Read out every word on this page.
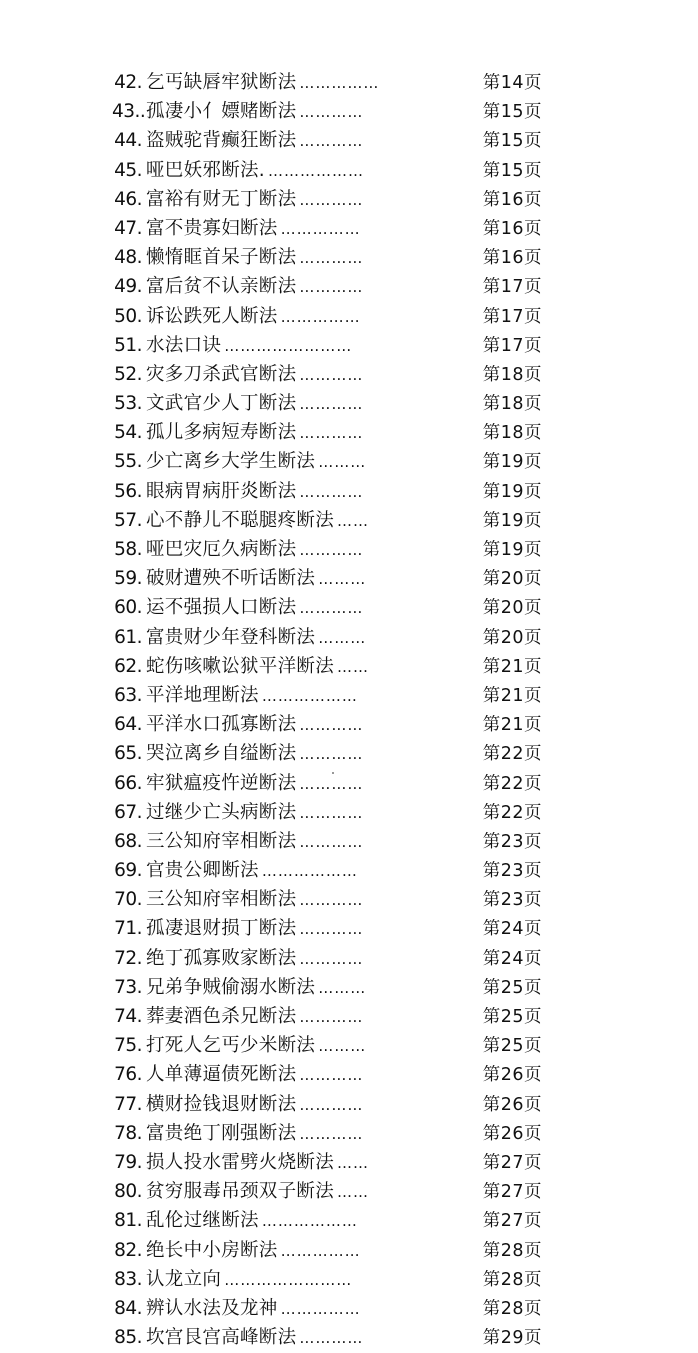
42. 乞丐缺唇牢狱断法 ……………	第14页
43.. 孤凄小亻嫖赌断法 …………	第15页
44. 盗贼驼背癫狂断法 …………	第15页
45. 哑巴妖邪断法. ………………	第15页
46. 富裕有财无丁断法 …………	第16页
47. 富不贵寡妇断法 ……………	第16页
48. 懒惰眶首呆子断法 …………	第16页
49. 富后贫不认亲断法 …………	第17页
50. 诉讼跌死人断法 ……………	第17页
51. 水法口诀 ……………………	第17页
52. 灾多刀杀武官断法 …………	第18页
53. 文武官少人丁断法 …………	第18页
54. 孤儿多病短寿断法 …………	第18页
55. 少亡离乡大学生断法 ………	第19页
56. 眼病胃病肝炎断法 …………	第19页
57. 心不静儿不聪腿疼断法 ……	第19页
58. 哑巴灾厄久病断法 …………	第19页
59. 破财遭殃不听话断法 ………	第20页
60. 运不强损人口断法 …………	第20页
61. 富贵财少年登科断法 ………	第20页
62. 蛇伤咳嗽讼狱平洋断法 ……	第21页
63. 平洋地理断法 ………………	第21页
64. 平洋水口孤寡断法 …………	第21页
65. 哭泣离乡自缢断法 …………	第22页
66. 牢狱瘟疫忤逆断法 …………	第22页
67. 过继少亡头病断法 …………	第22页
68. 三公知府宰相断法 …………	第23页
69. 官贵公卿断法 ………………	第23页
70. 三公知府宰相断法 …………	第23页
71. 孤凄退财损丁断法 …………	第24页
72. 绝丁孤寡败家断法 …………	第24页
73. 兄弟争贼偷溺水断法 ………	第25页
74. 葬妻酒色杀兄断法 …………	第25页
75. 打死人乞丐少米断法 ………	第25页
76. 人单薄逼债死断法 …………	第26页
77. 横财捡钱退财断法 …………	第26页
78. 富贵绝丁刚强断法 …………	第26页
79. 损人投水雷劈火烧断法 ……	第27页
80. 贫穷服毒吊颈双子断法 ……	第27页
81. 乱伦过继断法 ………………	第27页
82. 绝长中小房断法 ……………	第28页
83. 认龙立向 ……………………	第28页
84. 辨认水法及龙神 ……………	第28页
85. 坎宫艮宫高峰断法 …………	第29页
